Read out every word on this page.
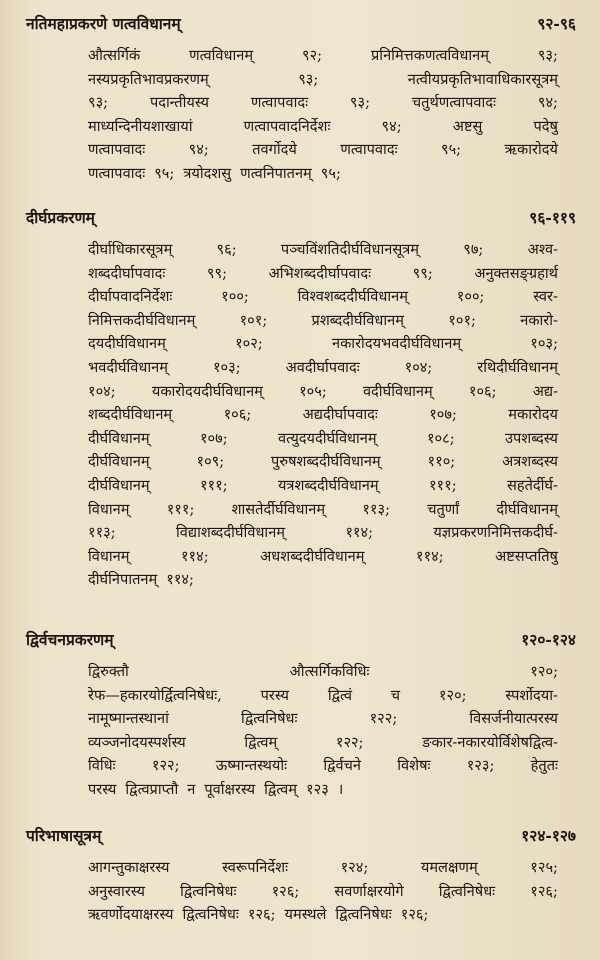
नतिमहाप्रकरणे णत्वविधानम्	९२-९६
औत्सर्गिकं	णत्वविधानम्	९२;	प्रनिमित्तकणत्वविधानम्	९३;
नस्यप्रकृतिभावप्रकरणम्	९३;	नत्वीयप्रकृतिभावाधिकारसूत्रम्
९३;	पदान्तीयस्य	णत्वापवादः	९३;	चतुर्थणत्वापवादः	९४;
माध्यन्दिनीयशाखायां	णत्वापवादनिर्देशः	९४;	अष्टसु	पदेषु
णत्वापवादः	९४;	तवर्गोदये	णत्वापवादः	९५;	ऋकारोदये
णत्वापवादः ९५; त्रयोदशसु णत्वनिपातनम् ९५;
दीर्घप्रकरणम्	९६-११९
दीर्घाधिकारसूत्रम्	९६;	पञ्चविंशतिदीर्घविधानसूत्रम्	९७;	अश्व-
शब्ददीर्घापवादः	९९;	अभिशब्ददीर्घापवादः	९९;	अनुक्तसङ्ग्रहार्थ
दीर्घापवादनिर्देशः	१००;	विश्वशब्ददीर्घविधानम्	१००;	स्वर-
निमित्तकदीर्घविधानम्	१०१;	प्रशब्ददीर्घविधानम्	१०१;	नकारो-
दयदीर्घविधानम्	१०२;	नकारोदयभवदीर्घविधानम्	१०३;
भवदीर्घविधानम्	१०३;	अवदीर्घापवादः	१०४;	रथिदीर्घविधानम्
१०४; यकारोदयदीर्घविधानम् १०५; वदीर्घविधानम् १०६; अद्य-
शब्ददीर्घविधानम्	१०६;	अद्यदीर्घापवादः	१०७;	मकारोदय
दीर्घविधानम्	१०७;	वत्युदयदीर्घविधानम्	१०८;	उपशब्दस्य
दीर्घविधानम्	१०९;	पुरुषशब्ददीर्घविधानम्	११०;	अत्रशब्दस्य
दीर्घविधानम्	१११;	यत्रशब्ददीर्घविधानम्	१११;	सहतेर्दीर्घ-
विधानम्	१११;	शासतेर्दीर्घविधानम्	११३;	चतुर्णां	दीर्घविधानम्
११३;	विद्याशब्ददीर्घविधानम्	११४;	यज्ञप्रकरणनिमित्तकदीर्घ-
विधानम्	११४;	अधशब्ददीर्घविधानम्	११४;	अष्टसप्ततिषु
दीर्घनिपातनम् ११४;
द्विर्वचनप्रकरणम्	१२०-१२४
द्विरुक्तौ	औत्सर्गिकविधिः	१२०;
रेफ—हकारयोर्द्वित्वनिषेधः,	परस्य	द्वित्वं	च	१२०;	स्पर्शोदया-
नामूष्मान्तस्थानां	द्वित्वनिषेधः	१२२;	विसर्जनीयात्परस्य
व्यञ्जनोदयस्पर्शस्य	द्वित्वम्	१२२;	ङकार-नकारयोर्विशेषद्वित्व-
विधिः १२२; ऊष्मान्तस्थयोः द्विर्वचने विशेषः १२३; हेतुतः
परस्य द्वित्वप्राप्तौ न पूर्वाक्षरस्य द्वित्वम् १२३ ।
परिभाषासूत्रम्	१२४-१२७
आगन्तुकाक्षरस्य	स्वरूपनिर्देशः	१२४;	यमलक्षणम्	१२५;
अनुस्वारस्य द्वित्वनिषेधः १२६; सवर्णाक्षरयोगे द्वित्वनिषेधः १२६;
ऋवर्णोदयाक्षरस्य द्वित्वनिषेधः १२६; यमस्थले द्वित्वनिषेधः १२६;
